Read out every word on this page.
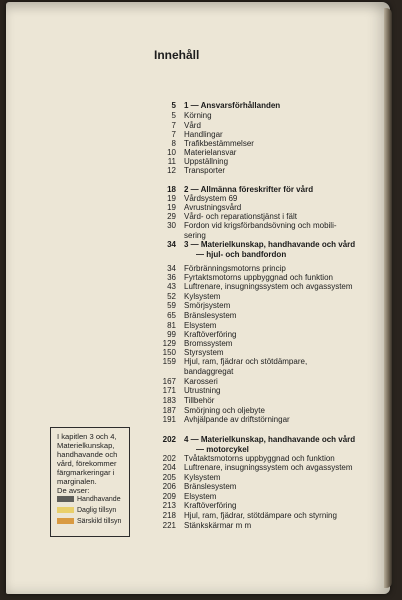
Innehåll
5 1 — Ansvarsförhållanden
5 Körning
7 Vård
7 Handlingar
8 Trafikbestämmelser
10 Materielansvar
11 Uppställning
12 Transporter
18 2 — Allmänna föreskrifter för vård
19 Vårdsystem 69
19 Avrustningsvård
29 Vård- och reparationstjänst i fält
30 Fordon vid krigsförbandsövning och mobili-
sering
34 3 — Materielkunskap, handhavande och vård
— hjul- och bandfordon
34 Förbränningsmotorns princip
36 Fyrtaktsmotorns uppbyggnad och funktion
43 Luftrenare, insugningssystem och avgassystem
52 Kylsystem
59 Smörjsystem
65 Bränslesystem
81 Elsystem
99 Kraftöverföring
129 Bromssystem
150 Styrsystem
159 Hjul, ram, fjädrar och stötdämpare,
bandaggregat
167 Karosseri
171 Utrustning
183 Tillbehör
187 Smörjning och oljebyte
191 Avhjälpande av driftstörningar
202 4 — Materielkunskap, handhavande och vård
— motorcykel
202 Tvåtaktsmotorns uppbyggnad och funktion
204 Luftrenare, insugningssystem och avgassystem
205 Kylsystem
206 Bränslesystem
209 Elsystem
213 Kraftöverföring
218 Hjul, ram, fjädrar, stötdämpare och styrning
221 Stänkskärmar m m
I kapitlen 3 och 4,
Materielkunskap,
handhavande och
vård, förekommer
färgmarkeringar i
marginalen.
De avser:
Handhavande
Daglig tillsyn
Särskild tillsyn
